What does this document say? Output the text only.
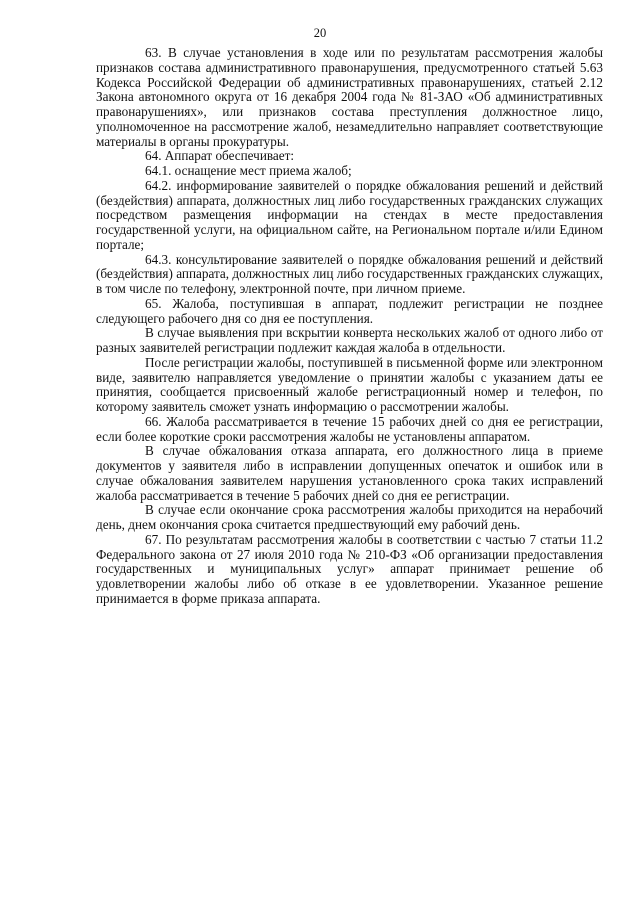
20

63. В случае установления в ходе или по результатам рассмотрения жалобы признаков состава административного правонарушения, предусмотренного статьей 5.63 Кодекса Российской Федерации об административных правонарушениях, статьей 2.12 Закона автономного округа от 16 декабря 2004 года № 81-ЗАО «Об административных правонарушениях», или признаков состава преступления должностное лицо, уполномоченное на рассмотрение жалоб, незамедлительно направляет соответствующие материалы в органы прокуратуры.

64. Аппарат обеспечивает:

64.1. оснащение мест приема жалоб;

64.2. информирование заявителей о порядке обжалования решений и действий (бездействия) аппарата, должностных лиц либо государственных гражданских служащих посредством размещения информации на стендах в месте предоставления государственной услуги, на официальном сайте, на Региональном портале и/или Едином портале;

64.3. консультирование заявителей о порядке обжалования решений и действий (бездействия) аппарата, должностных лиц либо государственных гражданских служащих, в том числе по телефону, электронной почте, при личном приеме.

65. Жалоба, поступившая в аппарат, подлежит регистрации не позднее следующего рабочего дня со дня ее поступления.

В случае выявления при вскрытии конверта нескольких жалоб от одного либо от разных заявителей регистрации подлежит каждая жалоба в отдельности.

После регистрации жалобы, поступившей в письменной форме или электронном виде, заявителю направляется уведомление о принятии жалобы с указанием даты ее принятия, сообщается присвоенный жалобе регистрационный номер и телефон, по которому заявитель сможет узнать информацию о рассмотрении жалобы.

66. Жалоба рассматривается в течение 15 рабочих дней со дня ее регистрации, если более короткие сроки рассмотрения жалобы не установлены аппаратом.

В случае обжалования отказа аппарата, его должностного лица в приеме документов у заявителя либо в исправлении допущенных опечаток и ошибок или в случае обжалования заявителем нарушения установленного срока таких исправлений жалоба рассматривается в течение 5 рабочих дней со дня ее регистрации.

В случае если окончание срока рассмотрения жалобы приходится на нерабочий день, днем окончания срока считается предшествующий ему рабочий день.

67. По результатам рассмотрения жалобы в соответствии с частью 7 статьи 11.2 Федерального закона от 27 июля 2010 года № 210-ФЗ «Об организации предоставления государственных и муниципальных услуг» аппарат принимает решение об удовлетворении жалобы либо об отказе в ее удовлетворении. Указанное решение принимается в форме приказа аппарата.
